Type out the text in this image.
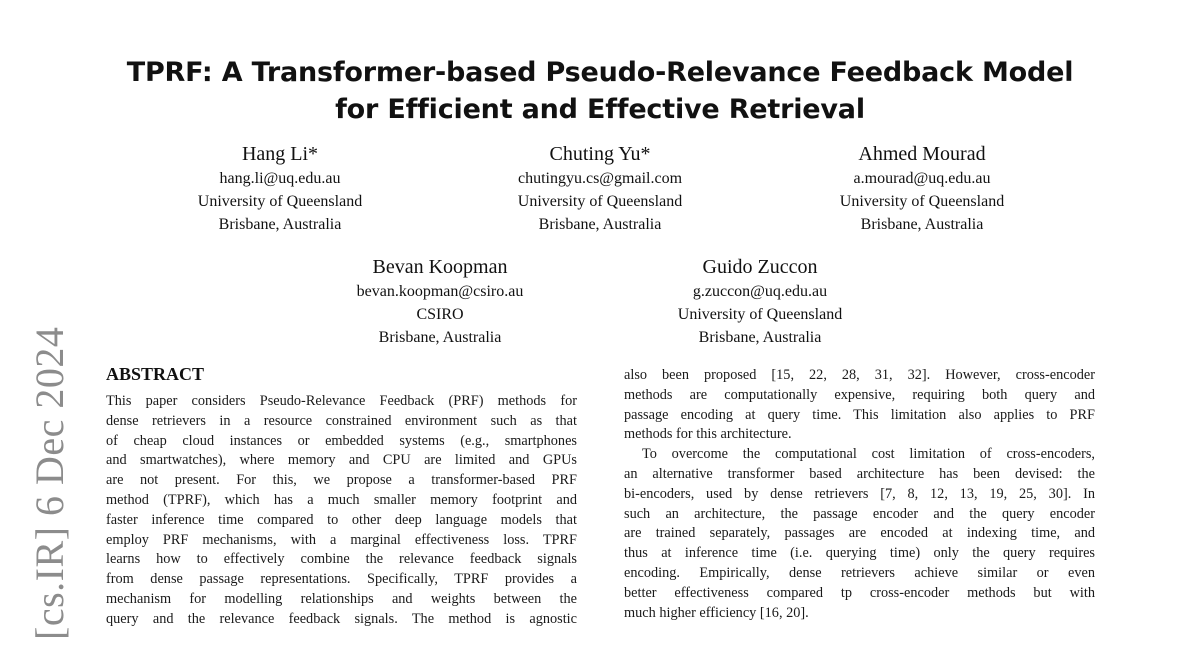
TPRF: A Transformer-based Pseudo-Relevance Feedback Model
for Efficient and Effective Retrieval
Hang Li*
hang.li@uq.edu.au
University of Queensland
Brisbane, Australia
Chuting Yu*
chutingyu.cs@gmail.com
University of Queensland
Brisbane, Australia
Ahmed Mourad
a.mourad@uq.edu.au
University of Queensland
Brisbane, Australia
Bevan Koopman
bevan.koopman@csiro.au
CSIRO
Brisbane, Australia
Guido Zuccon
g.zuccon@uq.edu.au
University of Queensland
Brisbane, Australia
ABSTRACT

This paper considers Pseudo-Relevance Feedback (PRF) methods for

dense retrievers in a resource constrained environment such as that

of cheap cloud instances or embedded systems (e.g., smartphones

and smartwatches), where memory and CPU are limited and GPUs

are not present. For this, we propose a transformer-based PRF

method (TPRF), which has a much smaller memory footprint and

faster inference time compared to other deep language models that

employ PRF mechanisms, with a marginal effectiveness loss. TPRF

learns how to effectively combine the relevance feedback signals

from dense passage representations. Specifically, TPRF provides a

mechanism for modelling relationships and weights between the

query and the relevance feedback signals. The method is agnostic

also been proposed [15, 22, 28, 31, 32]. However, cross-encoder

methods are computationally expensive, requiring both query and

passage encoding at query time. This limitation also applies to PRF

methods for this architecture.

To overcome the computational cost limitation of cross-encoders,

an alternative transformer based architecture has been devised: the

bi-encoders, used by dense retrievers [7, 8, 12, 13, 19, 25, 30]. In

such an architecture, the passage encoder and the query encoder

are trained separately, passages are encoded at indexing time, and

thus at inference time (i.e. querying time) only the query requires

encoding. Empirically, dense retrievers achieve similar or even

better effectiveness compared tp cross-encoder methods but with

much higher efficiency [16, 20].

[cs.IR] 6 Dec 2024
